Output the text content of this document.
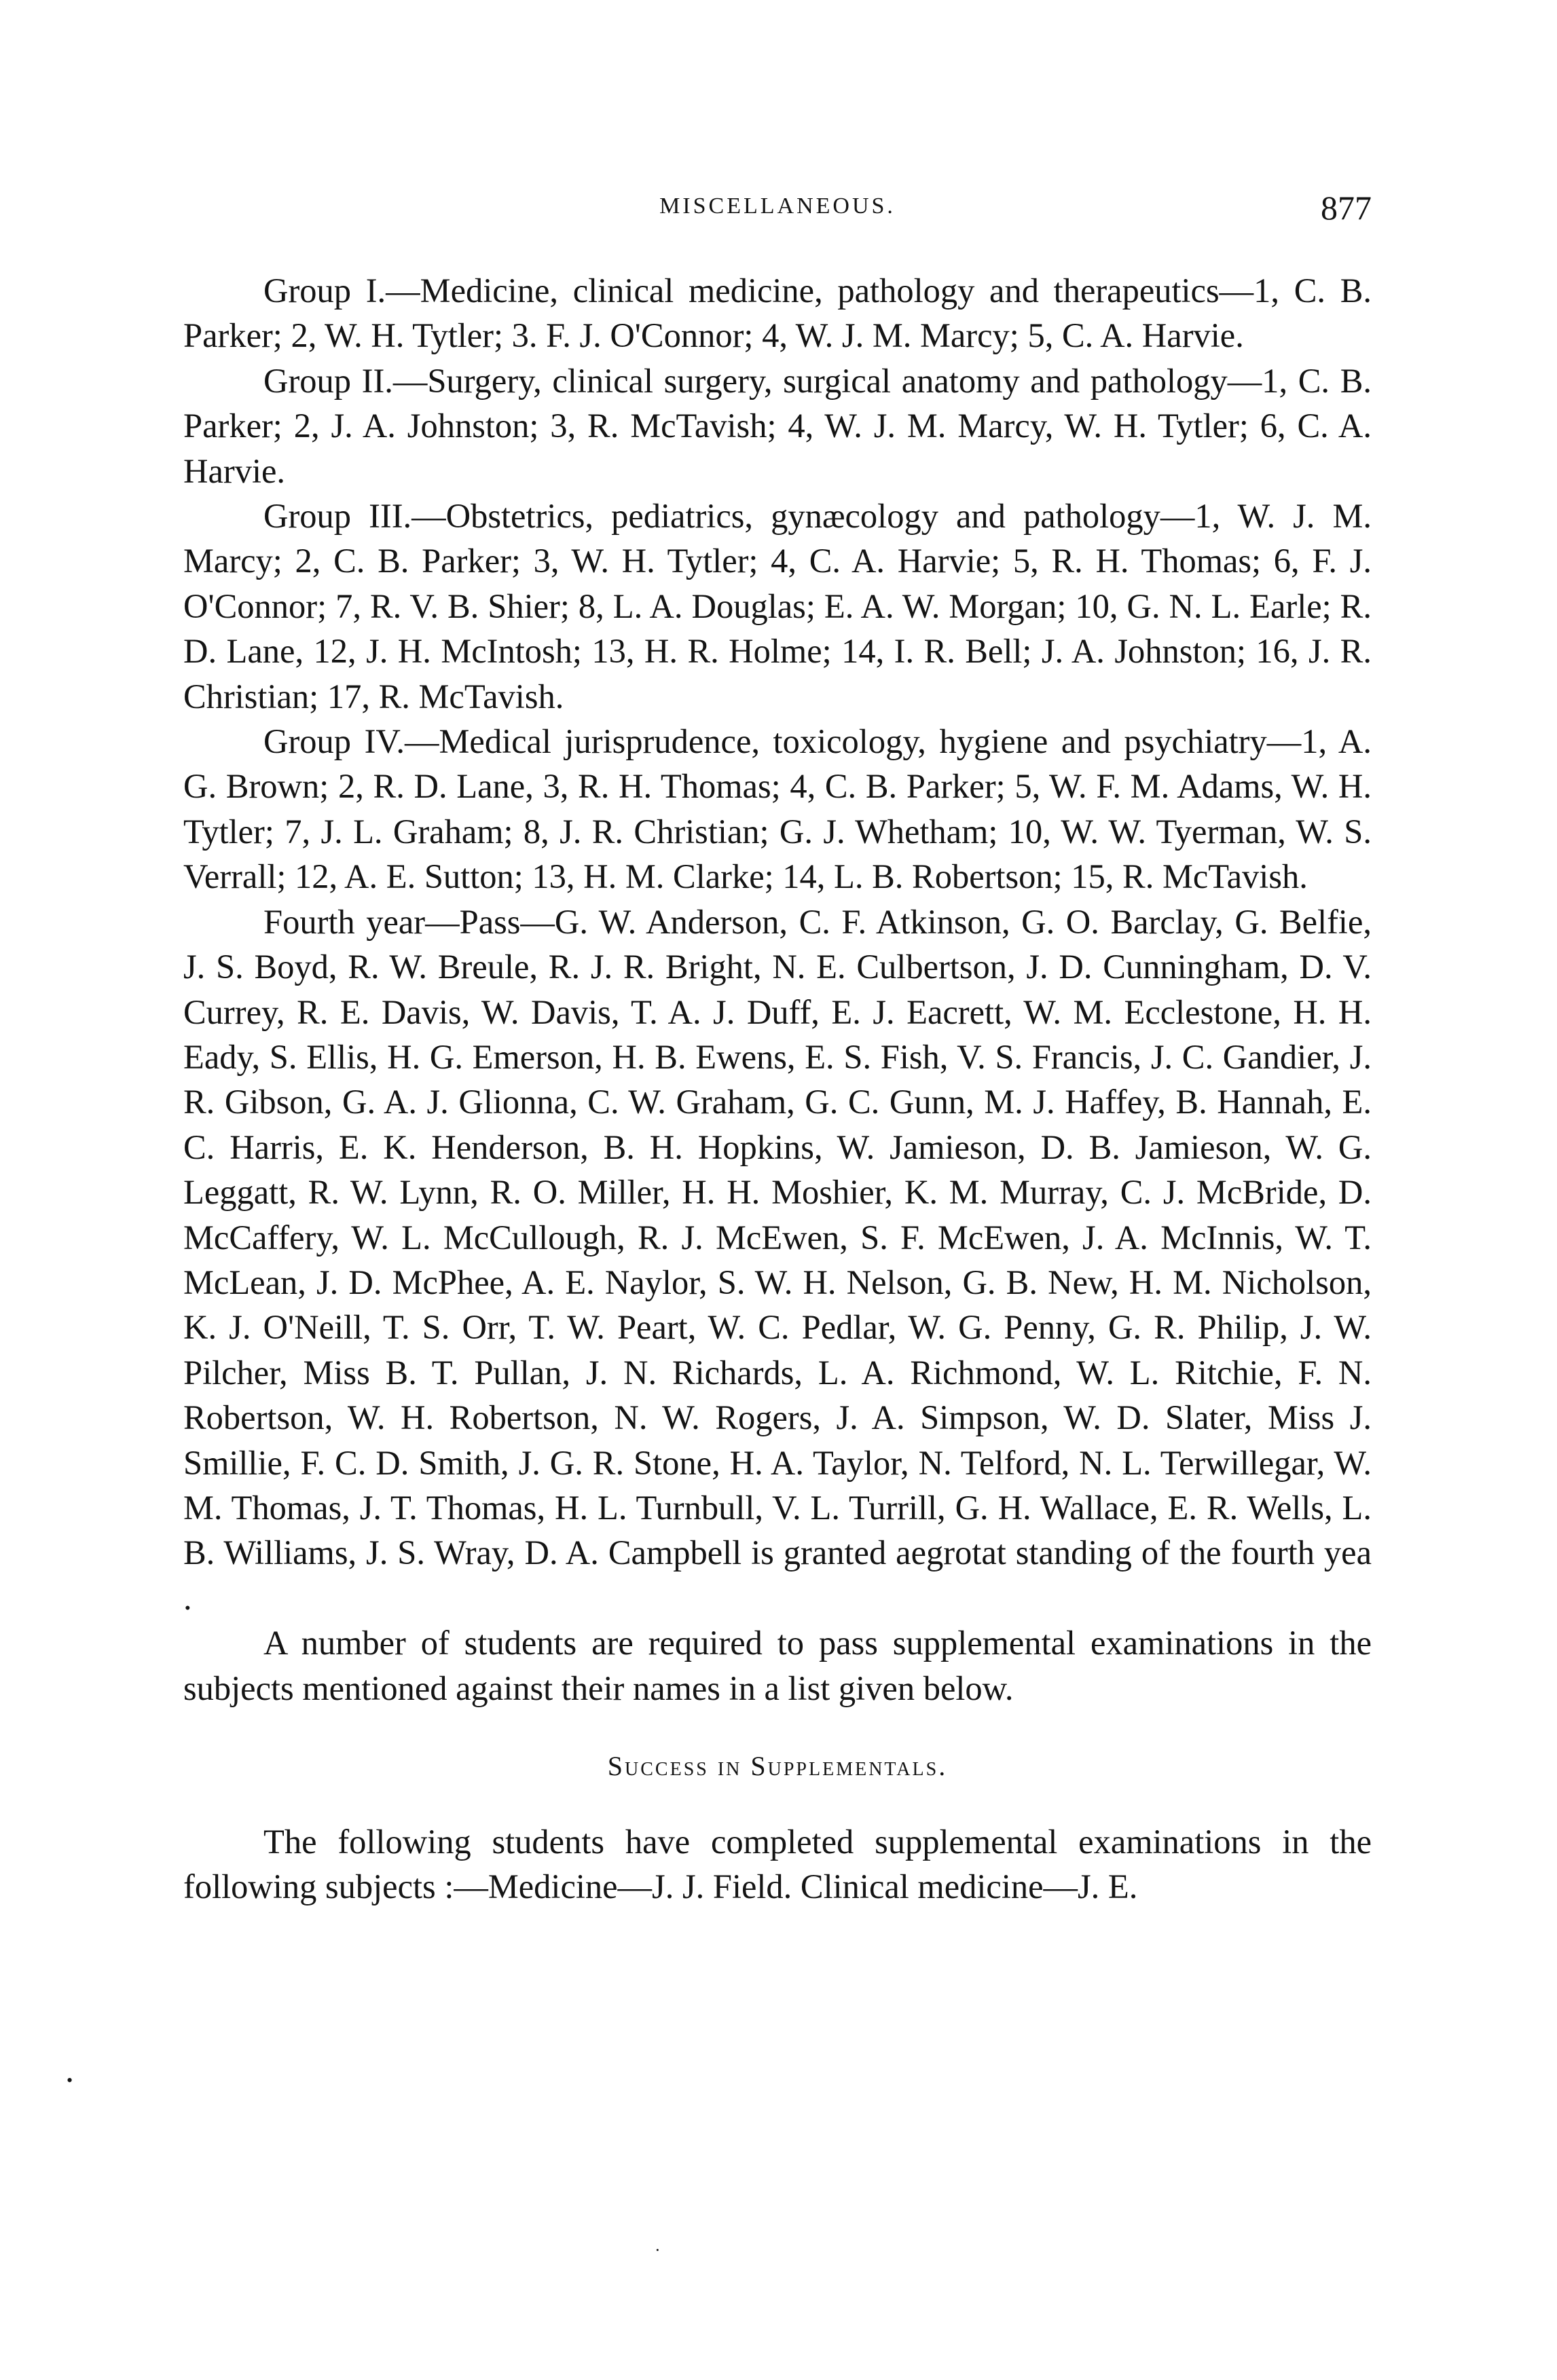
MISCELLANEOUS.	877

Group I.—Medicine, clinical medicine, pathology and therapeutics—1, C. B. Parker; 2, W. H. Tytler; 3. F. J. O'Connor; 4, W. J. M. Marcy; 5, C. A. Harvie.

Group II.—Surgery, clinical surgery, surgical anatomy and pathology—1, C. B. Parker; 2, J. A. Johnston; 3, R. McTavish; 4, W. J. M. Marcy, W. H. Tytler; 6, C. A. Harvie.

Group III.—Obstetrics, pediatrics, gynæcology and pathology—1, W. J. M. Marcy; 2, C. B. Parker; 3, W. H. Tytler; 4, C. A. Harvie; 5, R. H. Thomas; 6, F. J. O'Connor; 7, R. V. B. Shier; 8, L. A. Douglas; E. A. W. Morgan; 10, G. N. L. Earle; R. D. Lane, 12, J. H. McIntosh; 13, H. R. Holme; 14, I. R. Bell; J. A. Johnston; 16, J. R. Christian; 17, R. McTavish.

Group IV.—Medical jurisprudence, toxicology, hygiene and psychiatry—1, A. G. Brown; 2, R. D. Lane, 3, R. H. Thomas; 4, C. B. Parker; 5, W. F. M. Adams, W. H. Tytler; 7, J. L. Graham; 8, J. R. Christian; G. J. Whetham; 10, W. W. Tyerman, W. S. Verrall; 12, A. E. Sutton; 13, H. M. Clarke; 14, L. B. Robertson; 15, R. McTavish.

Fourth year—Pass—G. W. Anderson, C. F. Atkinson, G. O. Barclay, G. Belfie, J. S. Boyd, R. W. Breule, R. J. R. Bright, N. E. Culbertson, J. D. Cunningham, D. V. Currey, R. E. Davis, W. Davis, T. A. J. Duff, E. J. Eacrett, W. M. Ecclestone, H. H. Eady, S. Ellis, H. G. Emerson, H. B. Ewens, E. S. Fish, V. S. Francis, J. C. Gandier, J. R. Gibson, G. A. J. Glionna, C. W. Graham, G. C. Gunn, M. J. Haffey, B. Hannah, E. C. Harris, E. K. Henderson, B. H. Hopkins, W. Jamieson, D. B. Jamieson, W. G. Leggatt, R. W. Lynn, R. O. Miller, H. H. Moshier, K. M. Murray, C. J. McBride, D. McCaffery, W. L. McCullough, R. J. McEwen, S. F. McEwen, J. A. McInnis, W. T. McLean, J. D. McPhee, A. E. Naylor, S. W. H. Nelson, G. B. New, H. M. Nicholson, K. J. O'Neill, T. S. Orr, T. W. Peart, W. C. Pedlar, W. G. Penny, G. R. Philip, J. W. Pilcher, Miss B. T. Pullan, J. N. Richards, L. A. Richmond, W. L. Ritchie, F. N. Robertson, W. H. Robertson, N. W. Rogers, J. A. Simpson, W. D. Slater, Miss J. Smillie, F. C. D. Smith, J. G. R. Stone, H. A. Taylor, N. Telford, N. L. Terwillegar, W. M. Thomas, J. T. Thomas, H. L. Turnbull, V. L. Turrill, G. H. Wallace, E. R. Wells, L. B. Williams, J. S. Wray, D. A. Campbell is granted aegrotat standing of the fourth yea .

A number of students are required to pass supplemental examinations in the subjects mentioned against their names in a list given below.

Success in Supplementals.

The following students have completed supplemental examinations in the following subjects :—Medicine—J. J. Field. Clinical medicine—J. E.

•
·
